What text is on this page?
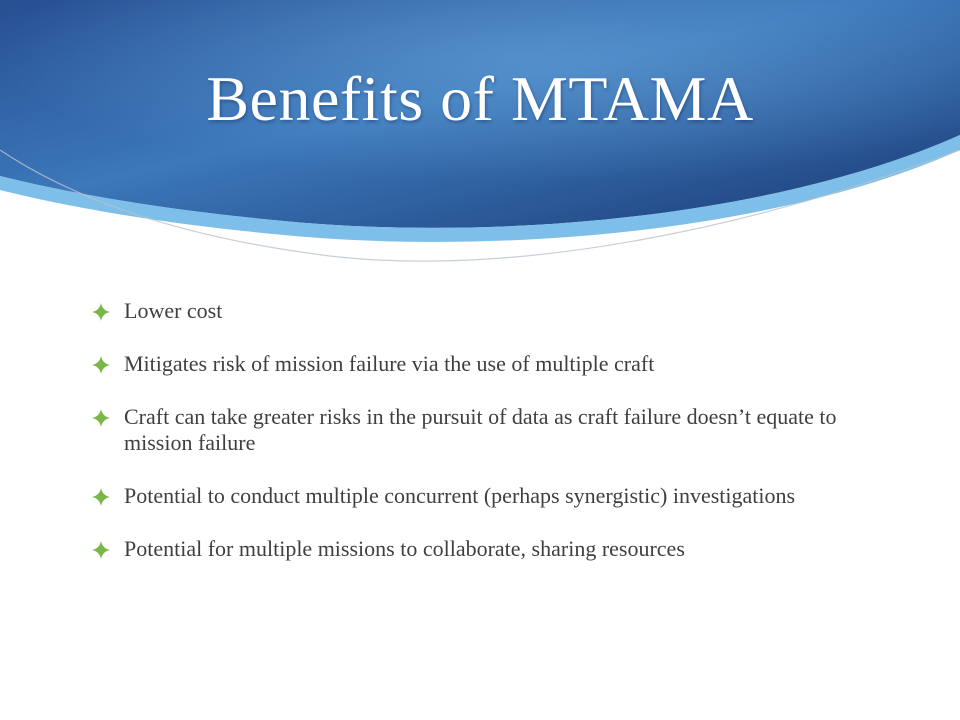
Benefits of MTAMA
Lower cost
Mitigates risk of mission failure via the use of multiple craft
Craft can take greater risks in the pursuit of data as craft failure doesn’t equate to mission failure
Potential to conduct multiple concurrent (perhaps synergistic) investigations
Potential for multiple missions to collaborate, sharing resources
